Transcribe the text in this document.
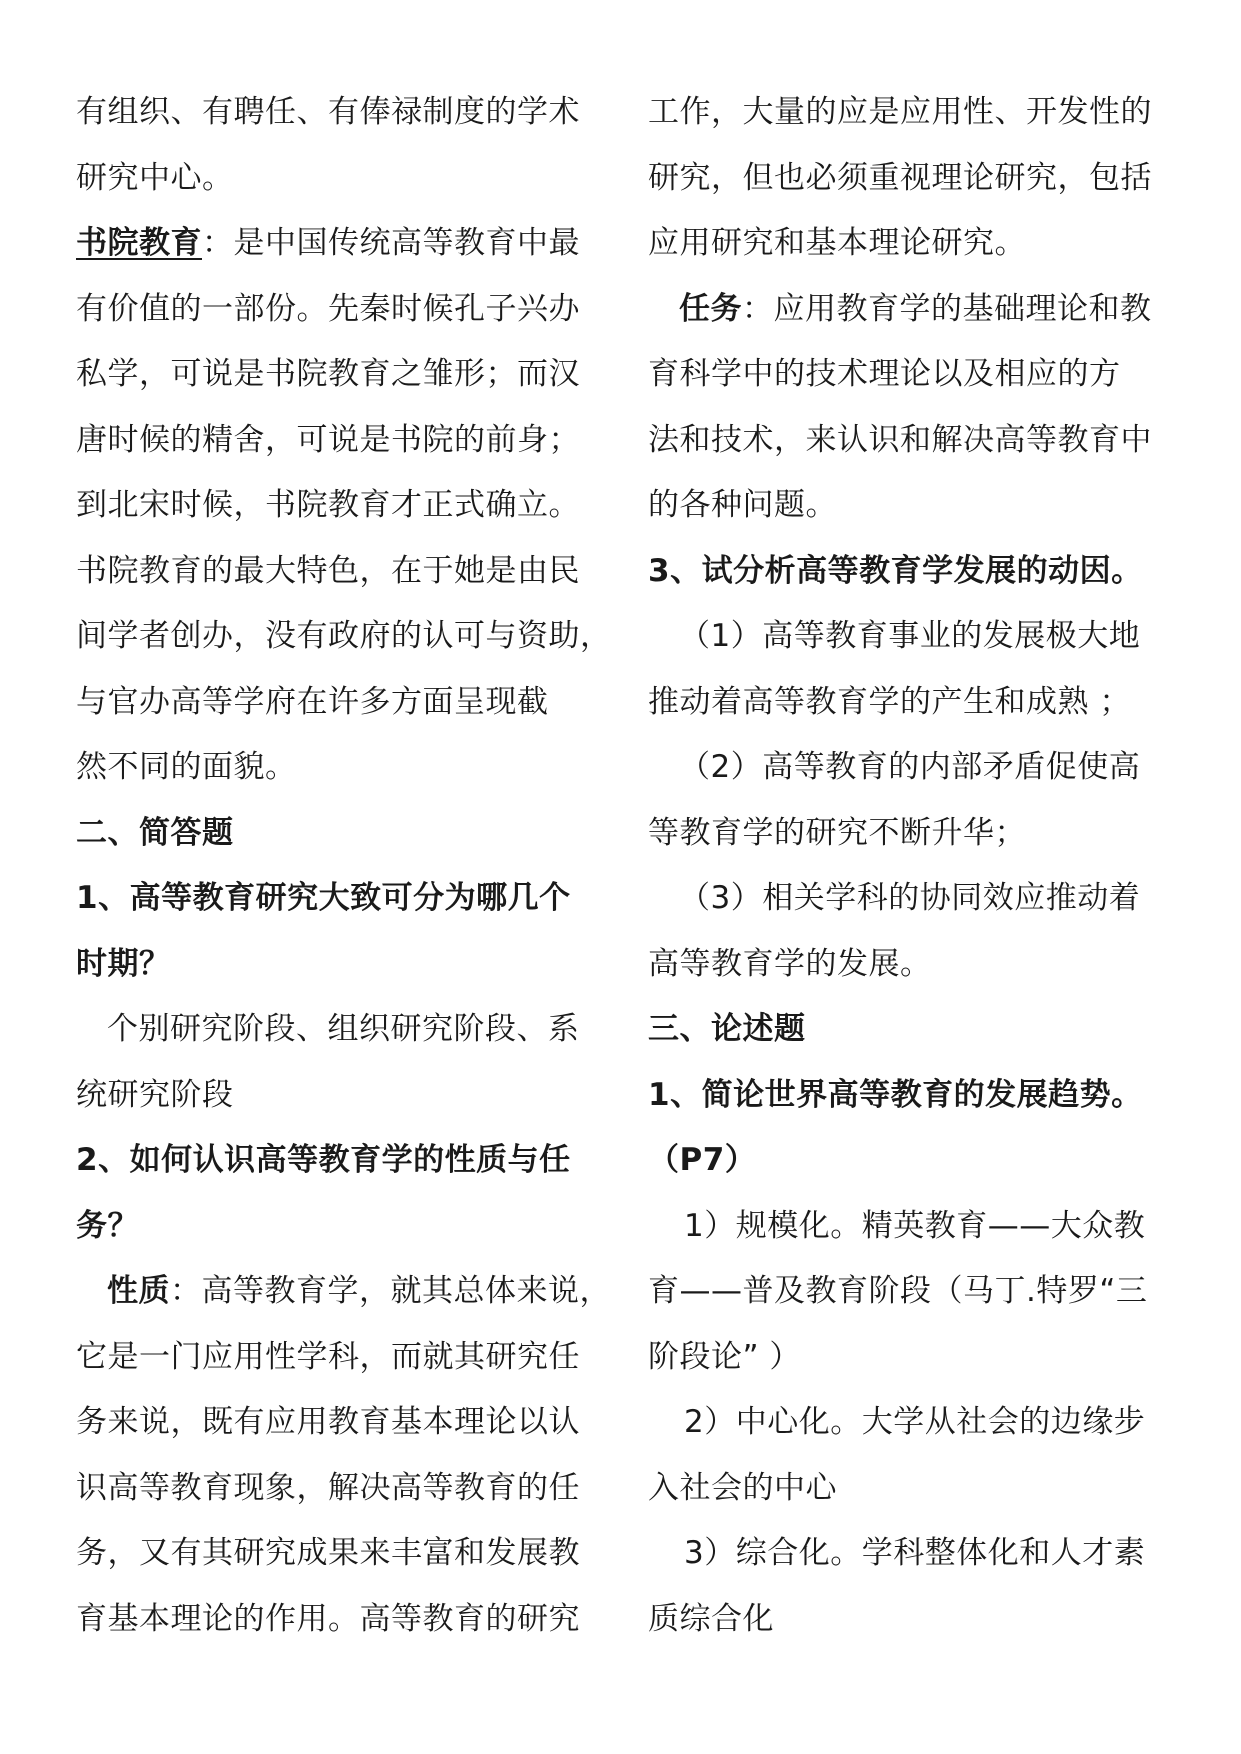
有组织、有聘任、有俸禄制度的学术
研究中心。
书院教育：是中国传统高等教育中最
有价值的一部份。先秦时候孔子兴办
私学，可说是书院教育之雏形；而汉
唐时候的精舍，可说是书院的前身；
到北宋时候，书院教育才正式确立。
书院教育的最大特色，在于她是由民
间学者创办，没有政府的认可与资助，
与官办高等学府在许多方面呈现截
然不同的面貌。
二、简答题
1、高等教育研究大致可分为哪几个
时期？
个别研究阶段、组织研究阶段、系
统研究阶段
2、如何认识高等教育学的性质与任
务？
性质：高等教育学，就其总体来说，
它是一门应用性学科，而就其研究任
务来说，既有应用教育基本理论以认
识高等教育现象，解决高等教育的任
务，又有其研究成果来丰富和发展教
育基本理论的作用。高等教育的研究
工作，大量的应是应用性、开发性的
研究，但也必须重视理论研究，包括
应用研究和基本理论研究。
任务：应用教育学的基础理论和教
育科学中的技术理论以及相应的方
法和技术，来认识和解决高等教育中
的各种问题。
3、试分析高等教育学发展的动因。
（1）高等教育事业的发展极大地
推动着高等教育学的产生和成熟 ；
（2）高等教育的内部矛盾促使高
等教育学的研究不断升华；
（3）相关学科的协同效应推动着
高等教育学的发展。
三、论述题
1、简论世界高等教育的发展趋势。
（P7）
1）规模化。精英教育——大众教
育——普及教育阶段（马丁.特罗“三
阶段论” ）
2）中心化。大学从社会的边缘步
入社会的中心
3）综合化。学科整体化和人才素
质综合化
